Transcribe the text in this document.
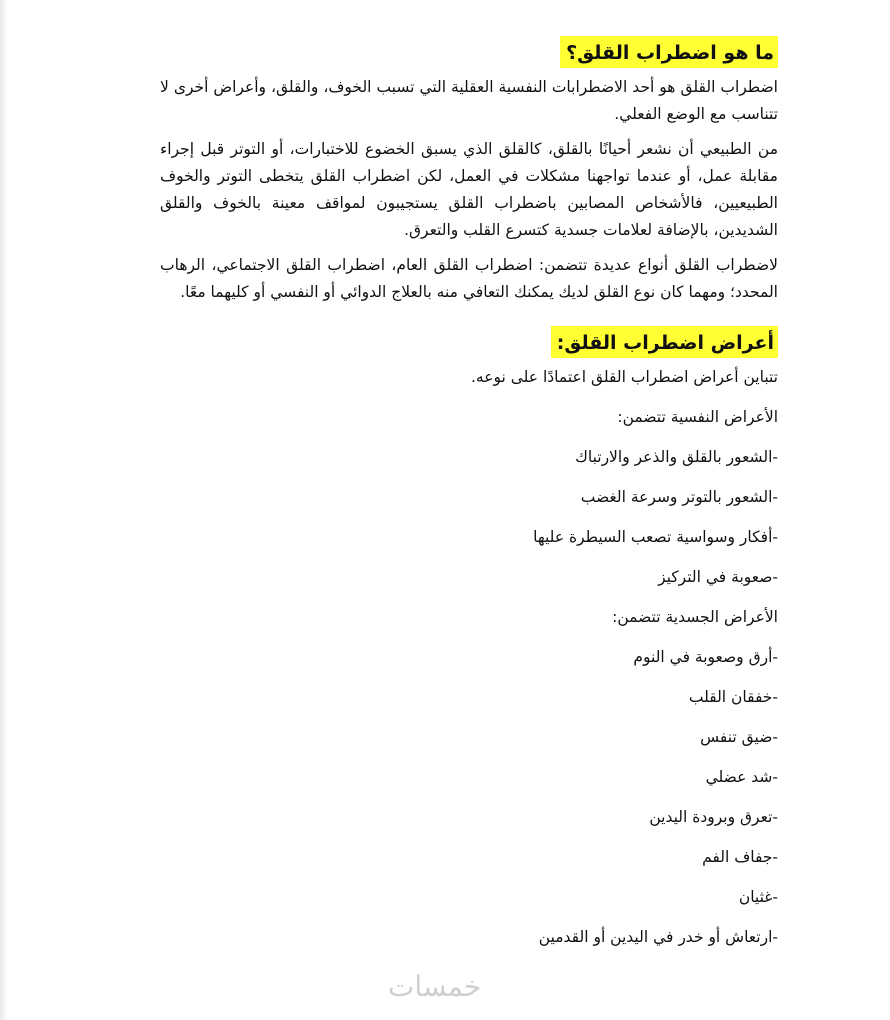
ما هو اضطراب القلق؟

اضطراب القلق هو أحد الاضطرابات النفسية العقلية التي تسبب الخوف، والقلق، وأعراض أخرى لا تتناسب مع الوضع الفعلي.

من الطبيعي أن نشعر أحيانًا بالقلق، كالقلق الذي يسبق الخضوع للاختبارات، أو التوتر قبل إجراء مقابلة عمل، أو عندما تواجهنا مشكلات في العمل، لكن اضطراب القلق يتخطى التوتر والخوف الطبيعيين، فالأشخاص المصابين باضطراب القلق يستجيبون لمواقف معينة بالخوف والقلق الشديدين، بالإضافة لعلامات جسدية كتسرع القلب والتعرق.

لاضطراب القلق أنواع عديدة تتضمن: اضطراب القلق العام، اضطراب القلق الاجتماعي، الرهاب المحدد؛ ومهما كان نوع القلق لديك يمكنك التعافي منه بالعلاج الدوائي أو النفسي أو كليهما معًا.

أعراض اضطراب القلق:
تتباين أعراض اضطراب القلق اعتمادًا على نوعه.
الأعراض النفسية تتضمن:
-الشعور بالقلق والذعر والارتباك
-الشعور بالتوتر وسرعة الغضب
-أفكار وسواسية تصعب السيطرة عليها
-صعوبة في التركيز
الأعراض الجسدية تتضمن:
-أرق وصعوبة في النوم
-خفقان القلب
-ضيق تنفس
-شد عضلي
-تعرق وبرودة اليدين
-جفاف الفم
-غثيان
-ارتعاش أو خدر في اليدين أو القدمين
خمسات
